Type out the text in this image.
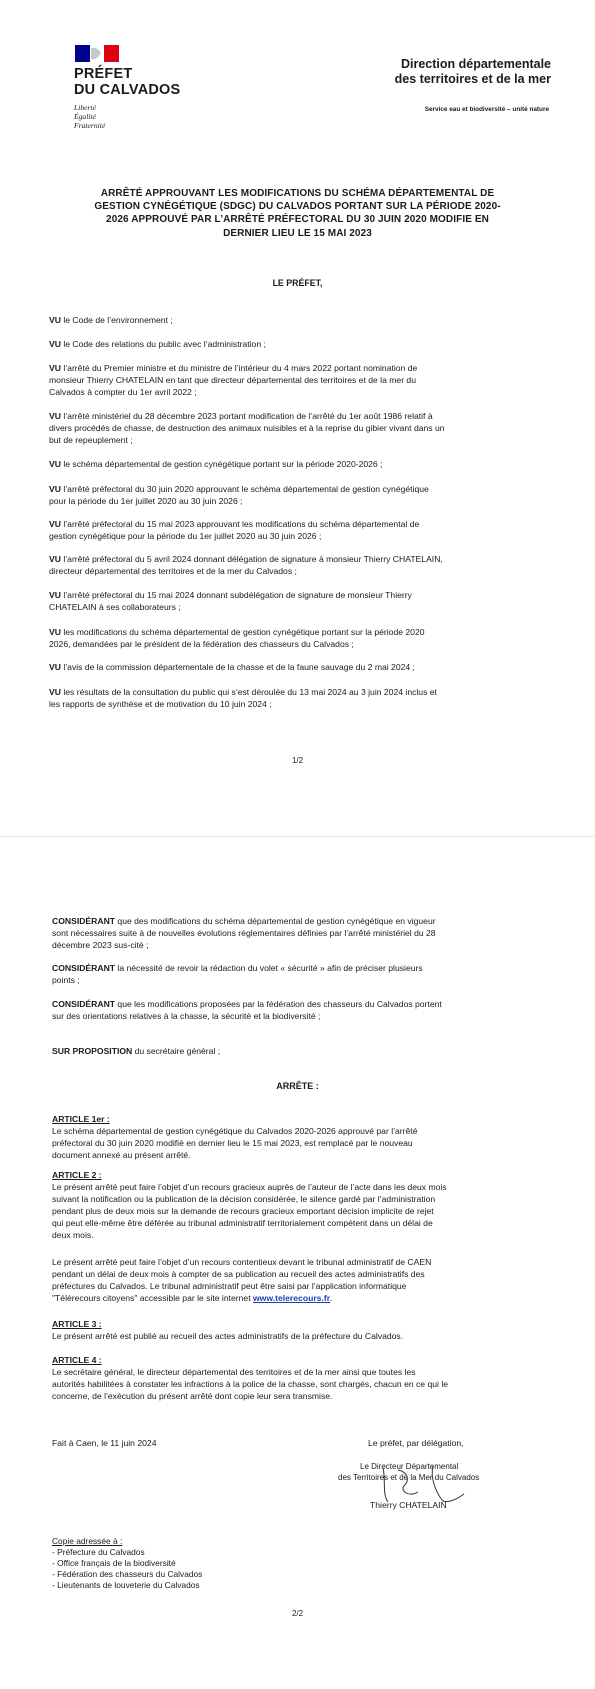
PRÉFET
DU CALVADOS
Liberté
Égalité
Fraternité
Direction départementale
des territoires et de la mer
Service eau et biodiversité – unité nature
ARRÊTÉ APPROUVANT LES MODIFICATIONS DU SCHÉMA DÉPARTEMENTAL DE
GESTION CYNÉGÉTIQUE (SDGC) DU CALVADOS PORTANT SUR LA PÉRIODE 2020-
2026 APPROUVÉ PAR L’ARRÊTÉ PRÉFECTORAL DU 30 JUIN 2020 MODIFIE EN
DERNIER LIEU LE 15 MAI 2023
LE PRÉFET,
VU le Code de l’environnement ;
VU le Code des relations du public avec l’administration ;
VU l’arrêté du Premier ministre et du ministre de l’intérieur du 4 mars 2022 portant nomination de
monsieur Thierry CHATELAIN en tant que directeur départemental des territoires et de la mer du
Calvados à compter du 1er avril 2022 ;
VU l’arrêté ministériel du 28 décembre 2023 portant modification de l’arrêté du 1er août 1986 relatif à
divers procédés de chasse, de destruction des animaux nuisibles et à la reprise du gibier vivant dans un
but de repeuplement ;
VU le schéma départemental de gestion cynégétique portant sur la période 2020-2026 ;
VU l’arrêté préfectoral du 30 juin 2020 approuvant le schéma départemental de gestion cynégétique
pour la période du 1er juillet 2020 au 30 juin 2026 ;
VU l’arrêté préfectoral du 15 mai 2023 approuvant les modifications du schéma départemental de
gestion cynégétique pour la période du 1er juillet 2020 au 30 juin 2026 ;
VU l’arrêté préfectoral du 5 avril 2024 donnant délégation de signature à monsieur Thierry CHATELAIN,
directeur départemental des territoires et de la mer du Calvados ;
VU l’arrêté préfectoral du 15 mai 2024 donnant subdélégation de signature de monsieur Thierry
CHATELAIN à ses collaborateurs ;
VU les modifications du schéma départemental de gestion cynégétique portant sur la période 2020
2026, demandées par le président de la fédération des chasseurs du Calvados ;
VU l’avis de la commission départementale de la chasse et de la faune sauvage du 2 mai 2024 ;
VU les résultats de la consultation du public qui s’est déroulée du 13 mai 2024 au 3 juin 2024 inclus et
les rapports de synthèse et de motivation du 10 juin 2024 ;
1/2
CONSIDÉRANT que des modifications du schéma départemental de gestion cynégétique en vigueur
sont nécessaires suite à de nouvelles évolutions réglementaires définies par l’arrêté ministériel du 28
décembre 2023 sus-cité ;
CONSIDÉRANT la nécessité de revoir la rédaction du volet « sécurité » afin de préciser plusieurs
points ;
CONSIDÉRANT que les modifications proposées par la fédération des chasseurs du Calvados portent
sur des orientations relatives à la chasse, la sécurité et la biodiversité ;
SUR PROPOSITION du secrétaire général ;
ARRÊTE :
ARTICLE 1er :
Le schéma départemental de gestion cynégétique du Calvados 2020-2026 approuvé par l’arrêté
préfectoral du 30 juin 2020 modifié en dernier lieu le 15 mai 2023, est remplacé par le nouveau
document annexé au présent arrêté.
ARTICLE 2 :
Le présent arrêté peut faire l’objet d’un recours gracieux auprès de l’auteur de l’acte dans les deux mois
suivant la notification ou la publication de la décision considérée, le silence gardé par l’administration
pendant plus de deux mois sur la demande de recours gracieux emportant décision implicite de rejet
qui peut elle-même être déférée au tribunal administratif territorialement compétent dans un délai de
deux mois.
Le présent arrêté peut faire l’objet d’un recours contentieux devant le tribunal administratif de CAEN
pendant un délai de deux mois à compter de sa publication au recueil des actes administratifs des
préfectures du Calvados. Le tribunal administratif peut être saisi par l’application informatique
"Télérecours citoyens" accessible par le site internet www.telerecours.fr.
ARTICLE 3 :
Le présent arrêté est publié au recueil des actes administratifs de la préfecture du Calvados.
ARTICLE 4 :
Le secrétaire général, le directeur départemental des territoires et de la mer ainsi que toutes les
autorités habilitées à constater les infractions à la police de la chasse, sont chargés, chacun en ce qui le
concerne, de l’exécution du présent arrêté dont copie leur sera transmise.
Fait à Caen, le 11 juin 2024	Le préfet, par délégation,
Le Directeur Départemental
des Territoires et de la Mer du Calvados
Thierry CHATELAIN
Copie adressée à :
- Préfecture du Calvados
- Office français de la biodiversité
- Fédération des chasseurs du Calvados
- Lieutenants de louveterie du Calvados
2/2
